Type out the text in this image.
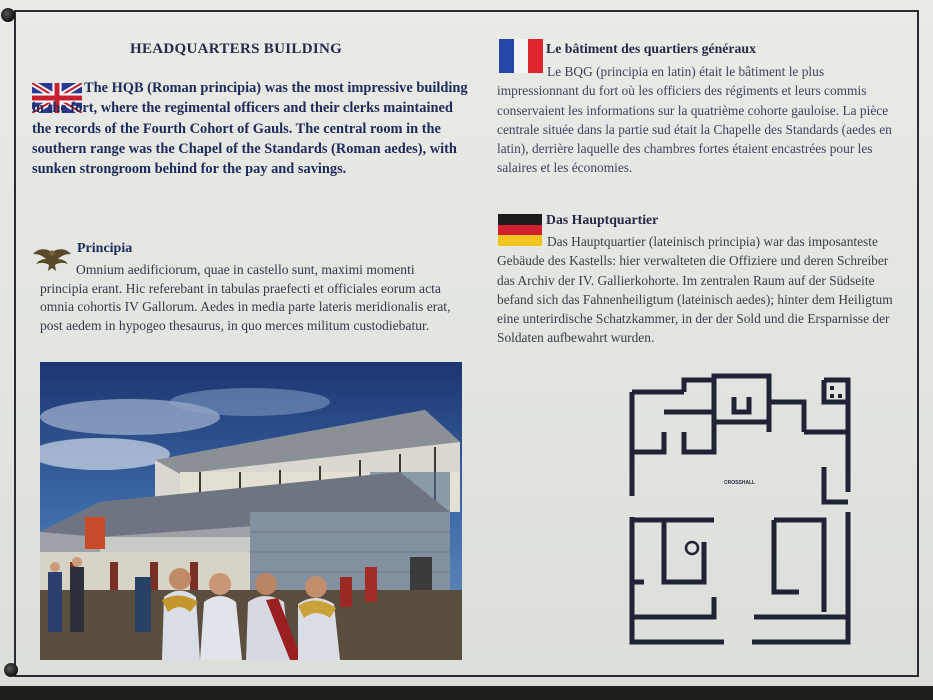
HEADQUARTERS BUILDING
The HQB (Roman principia) was the most impressive building in the fort, where the regimental officers and their clerks maintained the records of the Fourth Cohort of Gauls. The central room in the southern range was the Chapel of the Standards (Roman aedes), with sunken strongroom behind for the pay and savings.
Principia
Omnium aedificiorum, quae in castello sunt, maximi momenti principia erant. Hic referebant in tabulas praefecti et officiales eorum acta omnia cohortis IV Gallorum. Aedes in media parte lateris meridionalis erat, post aedem in hypogeo thesaurus, in quo merces militum custodiebatur.
Le bâtiment des quartiers généraux
Le BQG (principia en latin) était le bâtiment le plus impressionnant du fort où les officiers des régiments et leurs commis conservaient les informations sur la quatrième cohorte gauloise. La pièce centrale située dans la partie sud était la Chapelle des Standards (aedes en latin), derrière laquelle des chambres fortes étaient encastrées pour les salaires et les économies.
Das Hauptquartier
Das Hauptquartier (lateinisch principia) war das imposanteste Gebäude des Kastells: hier verwalteten die Offiziere und deren Schreiber das Archiv der IV. Gallierkohorte. Im zentralen Raum auf der Südseite befand sich das Fahnenheiligtum (lateinisch aedes); hinter dem Heiligtum eine unterirdische Schatzkammer, in der der Sold und die Ersparnisse der Soldaten aufbewahrt wurden.
CROSSHALL
